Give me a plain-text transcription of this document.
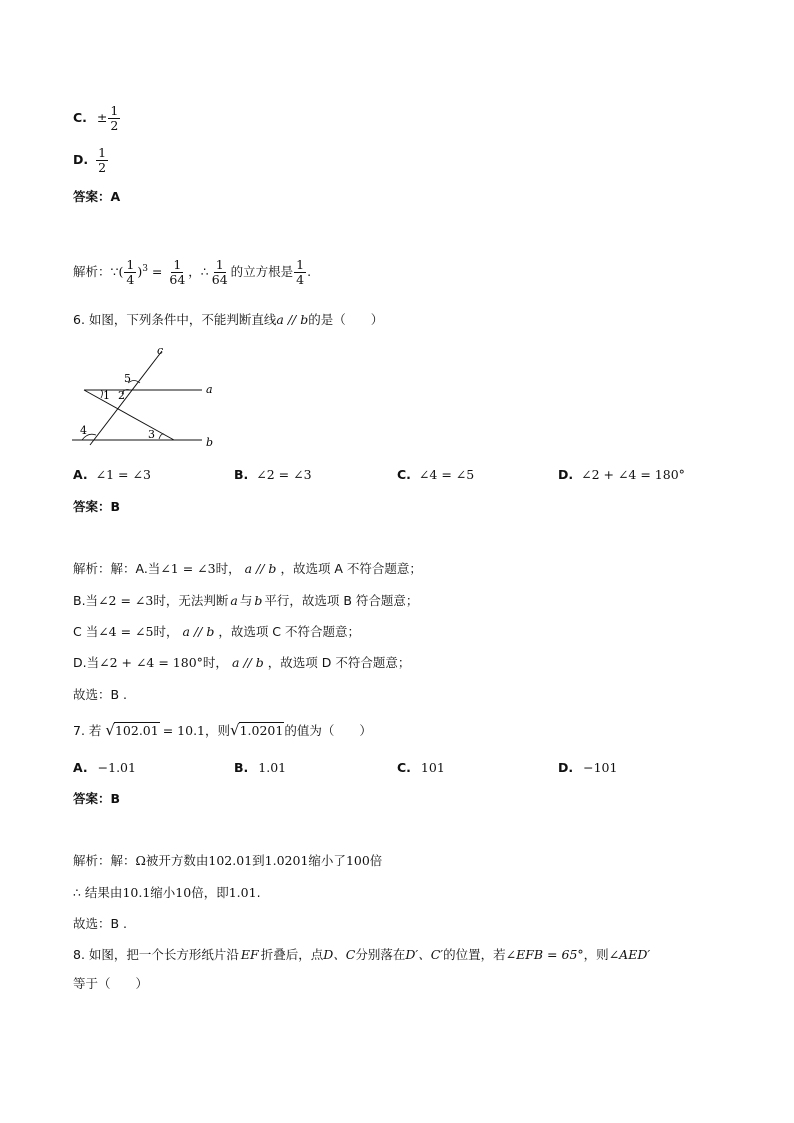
C. ± $\frac{1}{2}$
D. $\frac{1}{2}$
答案：A
解析：∵( $\frac{1}{4} )^3 = \frac{1}{64}$ ，∴ $\frac{1}{64}$ 的立方根是 $\frac{1}{4}$ .
6. 如图，下列条件中，不能判断直线a // b的是（　　）
c
a
b
5
2
1
4	3
A. ∠1 = ∠3	B. ∠2 = ∠3	C. ∠4 = ∠5	D. ∠2 + ∠4 = 180°
答案：B
解析：解：A.当∠1 = ∠3时， a // b ，故选项 A 不符合题意；
B.当∠2 = ∠3时，无法判断 a 与 b 平行，故选项 B 符合题意；
C 当∠4 = ∠5时， a // b ，故选项 C 不符合题意；
D.当∠2 + ∠4 = 180°时， a // b ，故选项 D 不符合题意；
故选：B .
7. 若 √102.01 = 10.1，则√1.0201的值为（　　）
A. −1.01	B. 1.01	C. 101	D. −101
答案：B
解析：解：Ω被开方数由102.01到1.0201缩小了100倍
∴ 结果由10.1缩小10倍，即1.01.
故选：B .
8. 如图，把一个长方形纸片沿 EF 折叠后，点D、C分别落在D′、C′的位置，若∠EFB = 65°，则∠AED′
等于（　　）
